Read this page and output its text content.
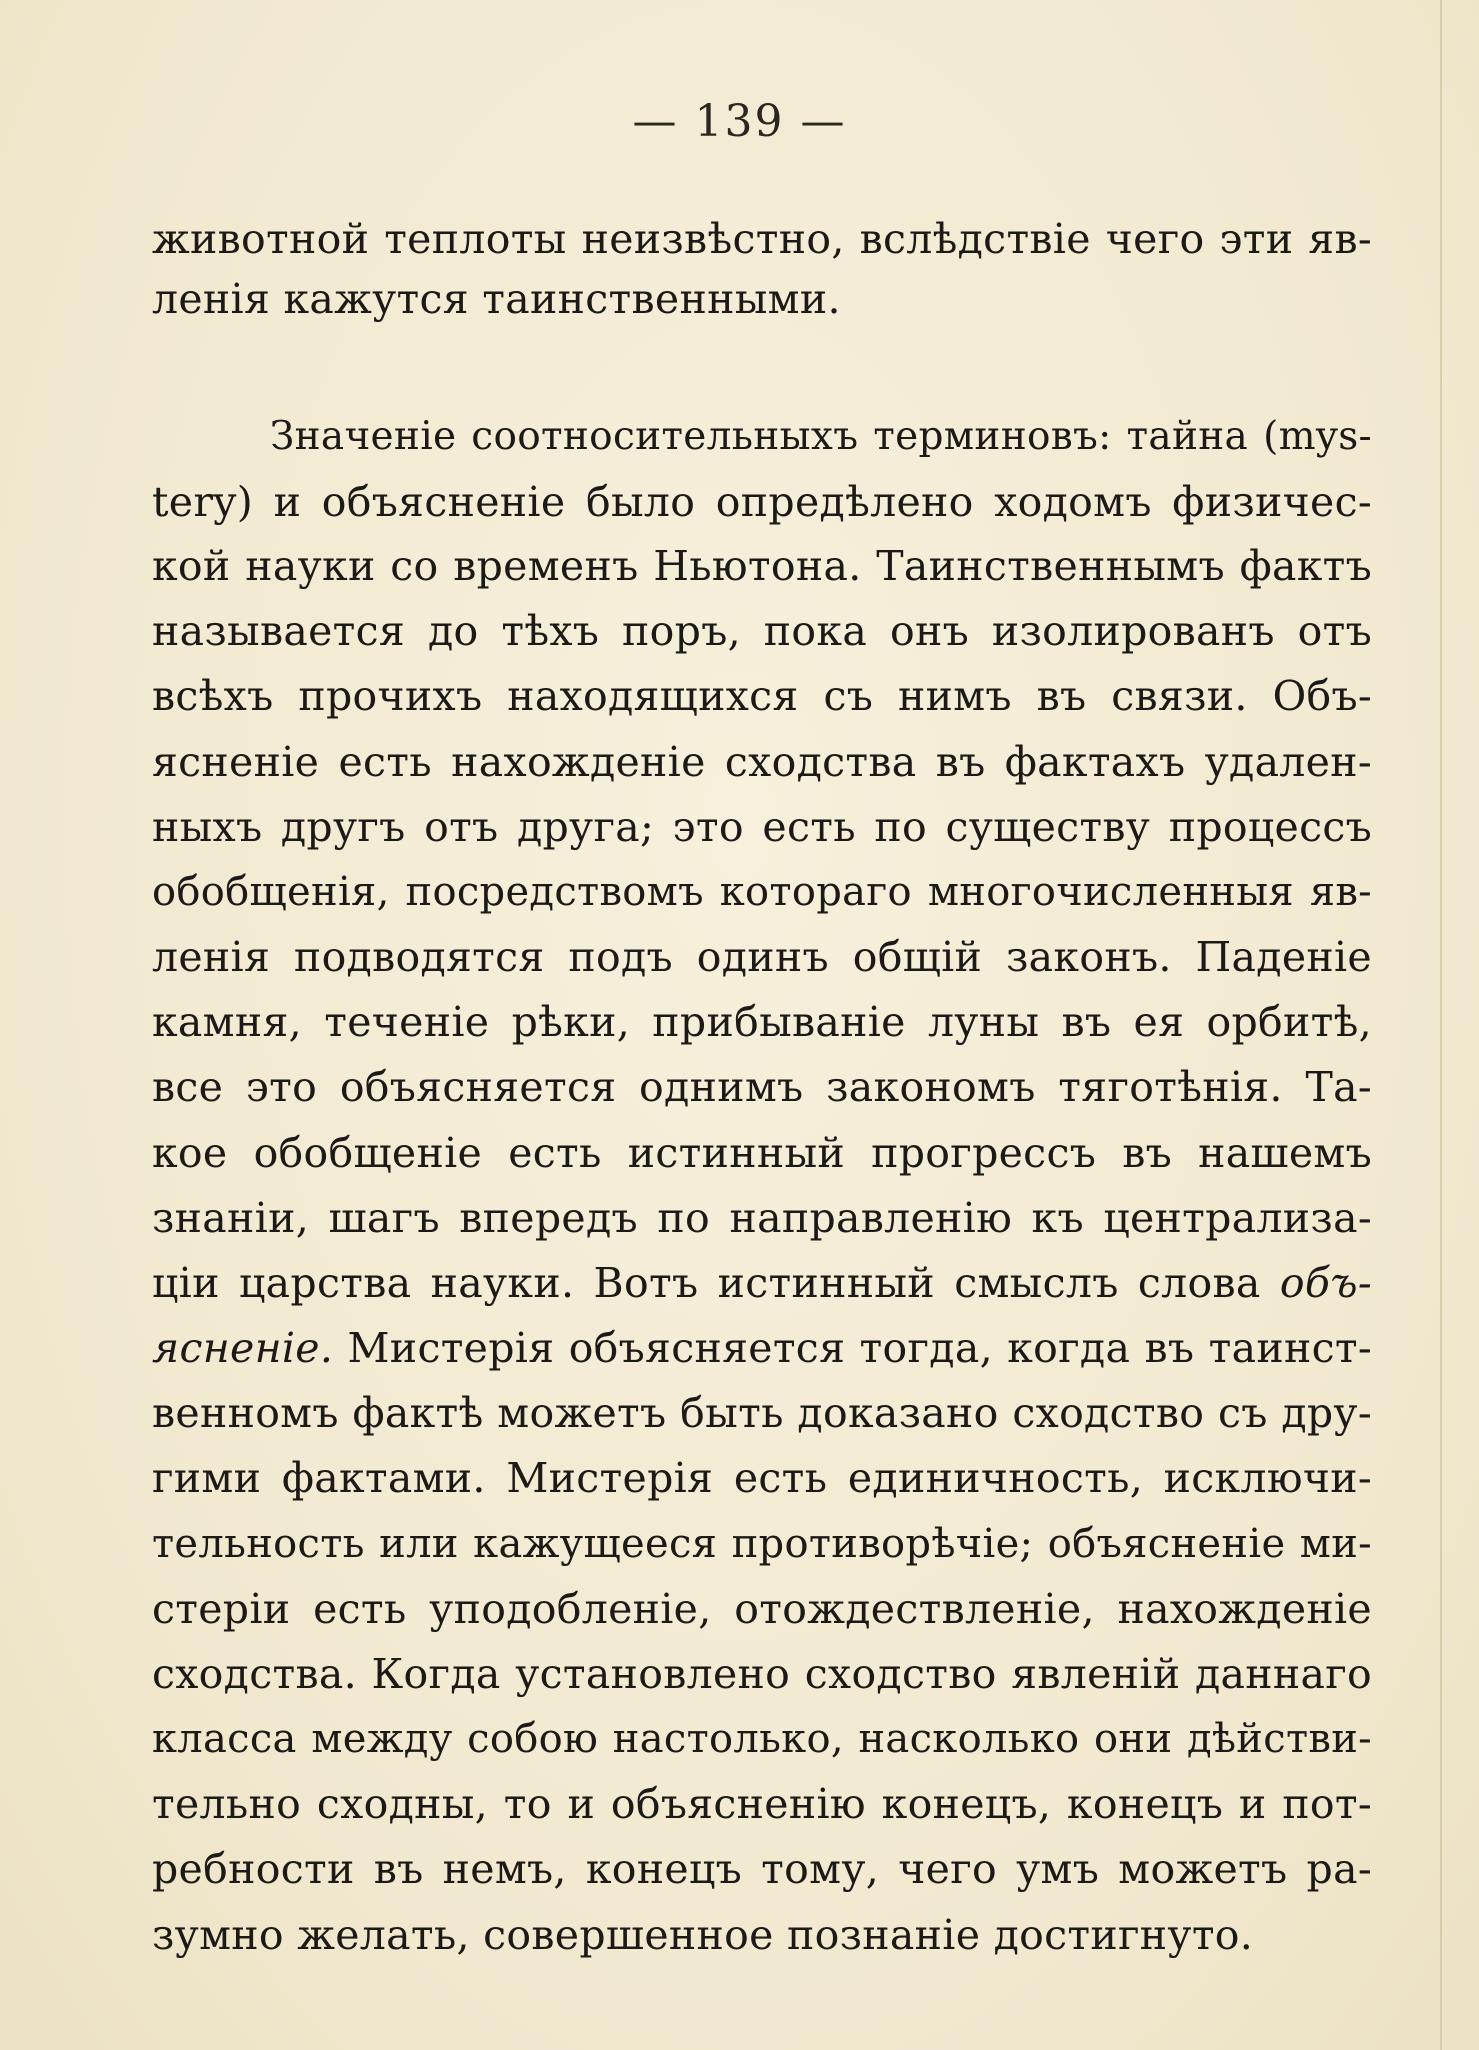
— 139 —
животной теплоты неизвѣстно, вслѣдствіе чего эти яв-
ленія кажутся таинственными.
Значеніе соотносительныхъ терминовъ: тайна (mys-
tery) и объясненіе было опредѣлено ходомъ физичес-
кой науки со временъ Ньютона. Таинственнымъ фактъ
называется до тѣхъ поръ, пока онъ изолированъ отъ
всѣхъ прочихъ находящихся съ нимъ въ связи. Объ-
ясненіе есть нахожденіе сходства въ фактахъ удален-
ныхъ другъ отъ друга; это есть по существу процессъ
обобщенія, посредствомъ котораго многочисленныя яв-
ленія подводятся подъ одинъ общій законъ. Паденіе
камня, теченіе рѣки, прибываніе луны въ ея орбитѣ,
все это объясняется однимъ закономъ тяготѣнія. Та-
кое обобщеніе есть истинный прогрессъ въ нашемъ
знаніи, шагъ впередъ по направленію къ централиза-
ціи царства науки. Вотъ истинный смыслъ слова объ-
ясненіе. Мистерія объясняется тогда, когда въ таинст-
венномъ фактѣ можетъ быть доказано сходство съ дру-
гими фактами. Мистерія есть единичность, исключи-
тельность или кажущееся противорѣчіе; объясненіе ми-
стеріи есть уподобленіе, отождествленіе, нахожденіе
сходства. Когда установлено сходство явленій даннаго
класса между собою настолько, насколько они дѣйстви-
тельно сходны, то и объясненію конецъ, конецъ и пот-
ребности въ немъ, конецъ тому, чего умъ можетъ ра-
зумно желать, совершенное познаніе достигнуто.
